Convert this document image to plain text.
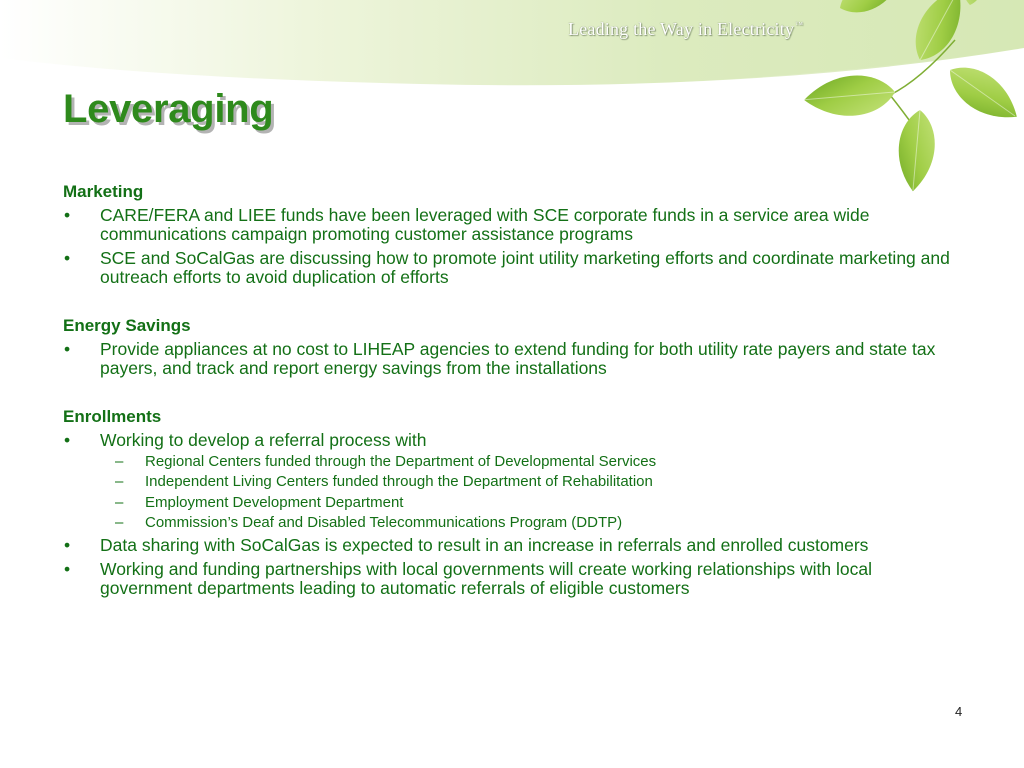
Leading the Way in Electricity™
Leveraging
Marketing
•	CARE/FERA and LIEE funds have been leveraged with SCE corporate funds in a service area wide communications campaign promoting customer assistance programs
•	SCE and SoCalGas are discussing how to promote joint utility marketing efforts and coordinate marketing and outreach efforts to avoid duplication of efforts
Energy Savings
•	Provide appliances at no cost to LIHEAP agencies to extend funding for both utility rate payers and state tax payers, and track and report energy savings from the installations
Enrollments
•	Working to develop a referral process with
–	Regional Centers funded through the Department of Developmental Services
–	Independent Living Centers funded through the Department of Rehabilitation
–	Employment Development Department
–	Commission’s Deaf and Disabled Telecommunications Program (DDTP)
•	Data sharing with SoCalGas is expected to result in an increase in referrals and enrolled customers
•	Working and funding partnerships with local governments will create working relationships with local government departments leading to automatic referrals of eligible customers
4
